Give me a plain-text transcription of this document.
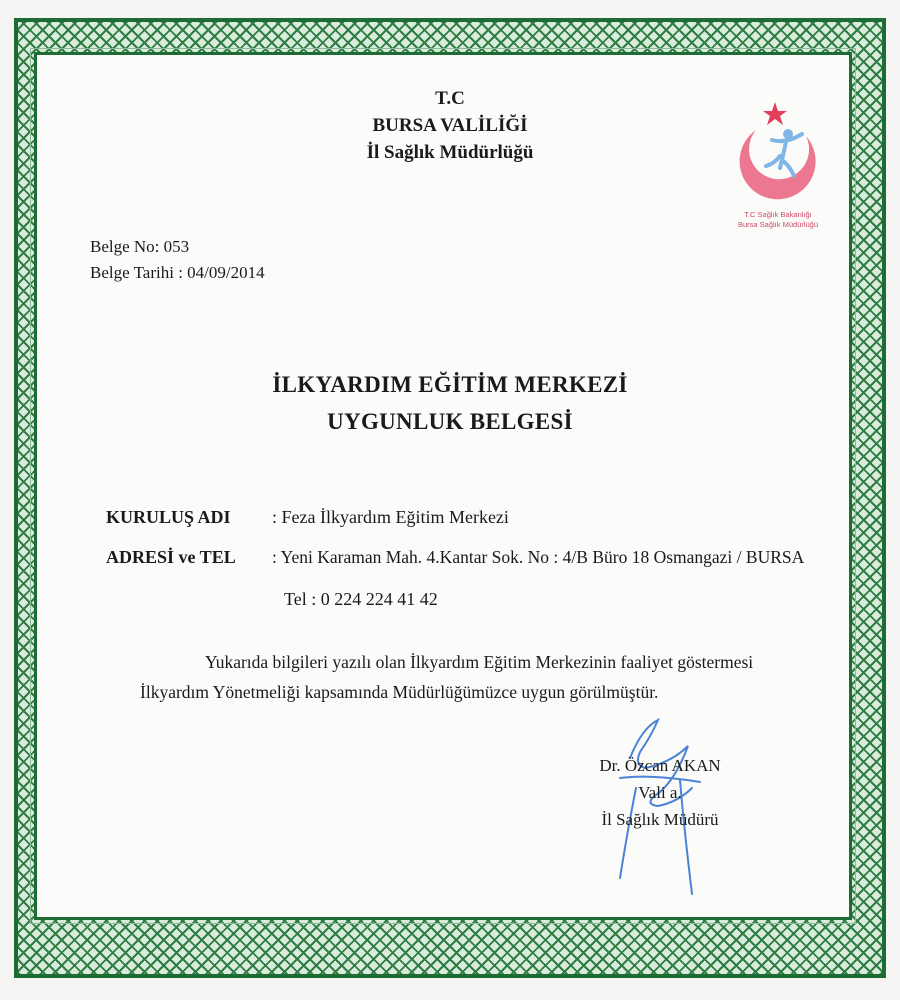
T.C
BURSA VALİLİĞİ
İl Sağlık Müdürlüğü
T.C Sağlık Bakanlığı
Bursa Sağlık Müdürlüğü
Belge No: 053
Belge Tarihi : 04/09/2014
İLKYARDIM EĞİTİM MERKEZİ
UYGUNLUK BELGESİ
KURULUŞ ADI : Feza İlkyardım Eğitim Merkezi
ADRESİ ve TEL : Yeni Karaman Mah. 4.Kantar Sok. No : 4/B Büro 18 Osmangazi / BURSA
Tel : 0 224 224 41 42
Yukarıda bilgileri yazılı olan İlkyardım Eğitim Merkezinin faaliyet göstermesi
İlkyardım Yönetmeliği kapsamında Müdürlüğümüzce uygun görülmüştür.
Dr. Özcan AKAN
Vali a.
İl Sağlık Müdürü
